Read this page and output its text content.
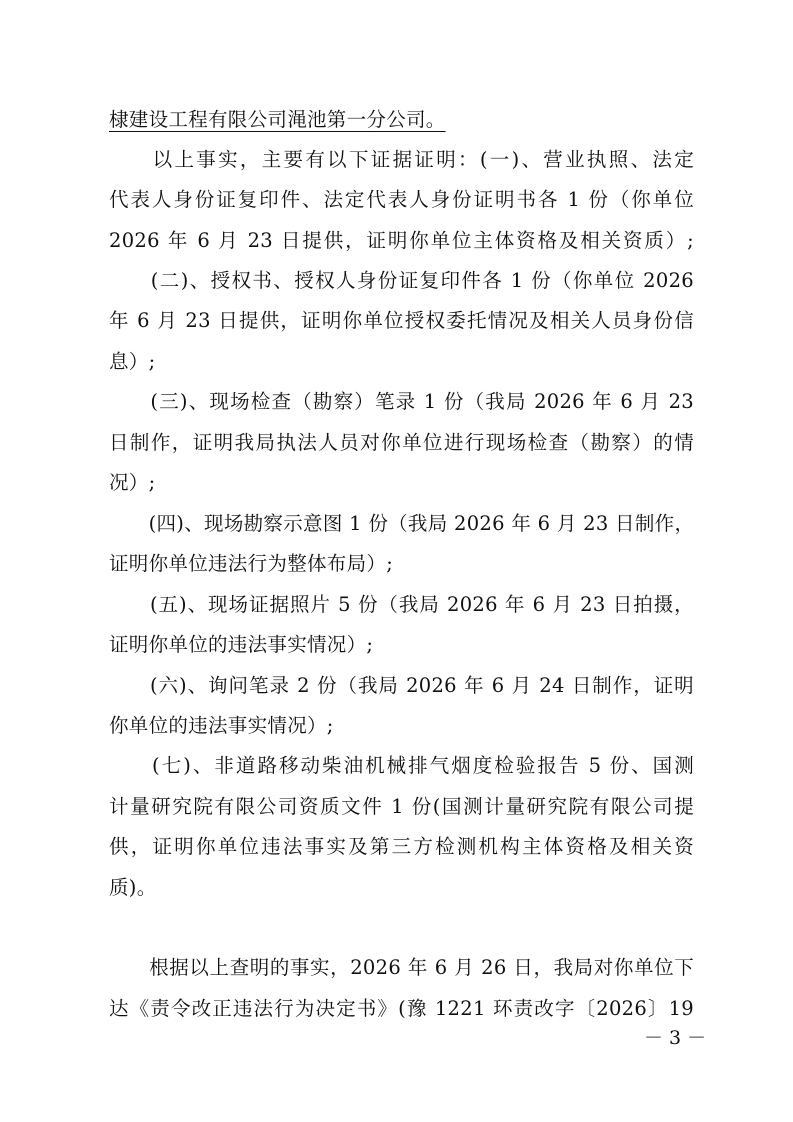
棣建设工程有限公司渑池第一分公司。
　　以上事实，主要有以下证据证明：(一)、营业执照、法定
代表人身份证复印件、法定代表人身份证明书各 1 份（你单位
2026 年 6 月 23 日提供，证明你单位主体资格及相关资质）;
　　(二)、授权书、授权人身份证复印件各 1 份（你单位 2026
年 6 月 23 日提供，证明你单位授权委托情况及相关人员身份信
息）;
　　(三)、现场检查（勘察）笔录 1 份（我局 2026 年 6 月 23
日制作，证明我局执法人员对你单位进行现场检查（勘察）的情
况）;
　　(四)、现场勘察示意图 1 份（我局 2026 年 6 月 23 日制作，
证明你单位违法行为整体布局）;
　　(五)、现场证据照片 5 份（我局 2026 年 6 月 23 日拍摄，
证明你单位的违法事实情况）;
　　(六)、询问笔录 2 份（我局 2026 年 6 月 24 日制作，证明
你单位的违法事实情况）;
　　(七)、非道路移动柴油机械排气烟度检验报告 5 份、国测
计量研究院有限公司资质文件 1 份(国测计量研究院有限公司提
供，证明你单位违法事实及第三方检测机构主体资格及相关资
质)。
　　根据以上查明的事实，2026 年 6 月 26 日，我局对你单位下
达《责令改正违法行为决定书》(豫 1221 环责改字〔2026〕19
－ 3 －
